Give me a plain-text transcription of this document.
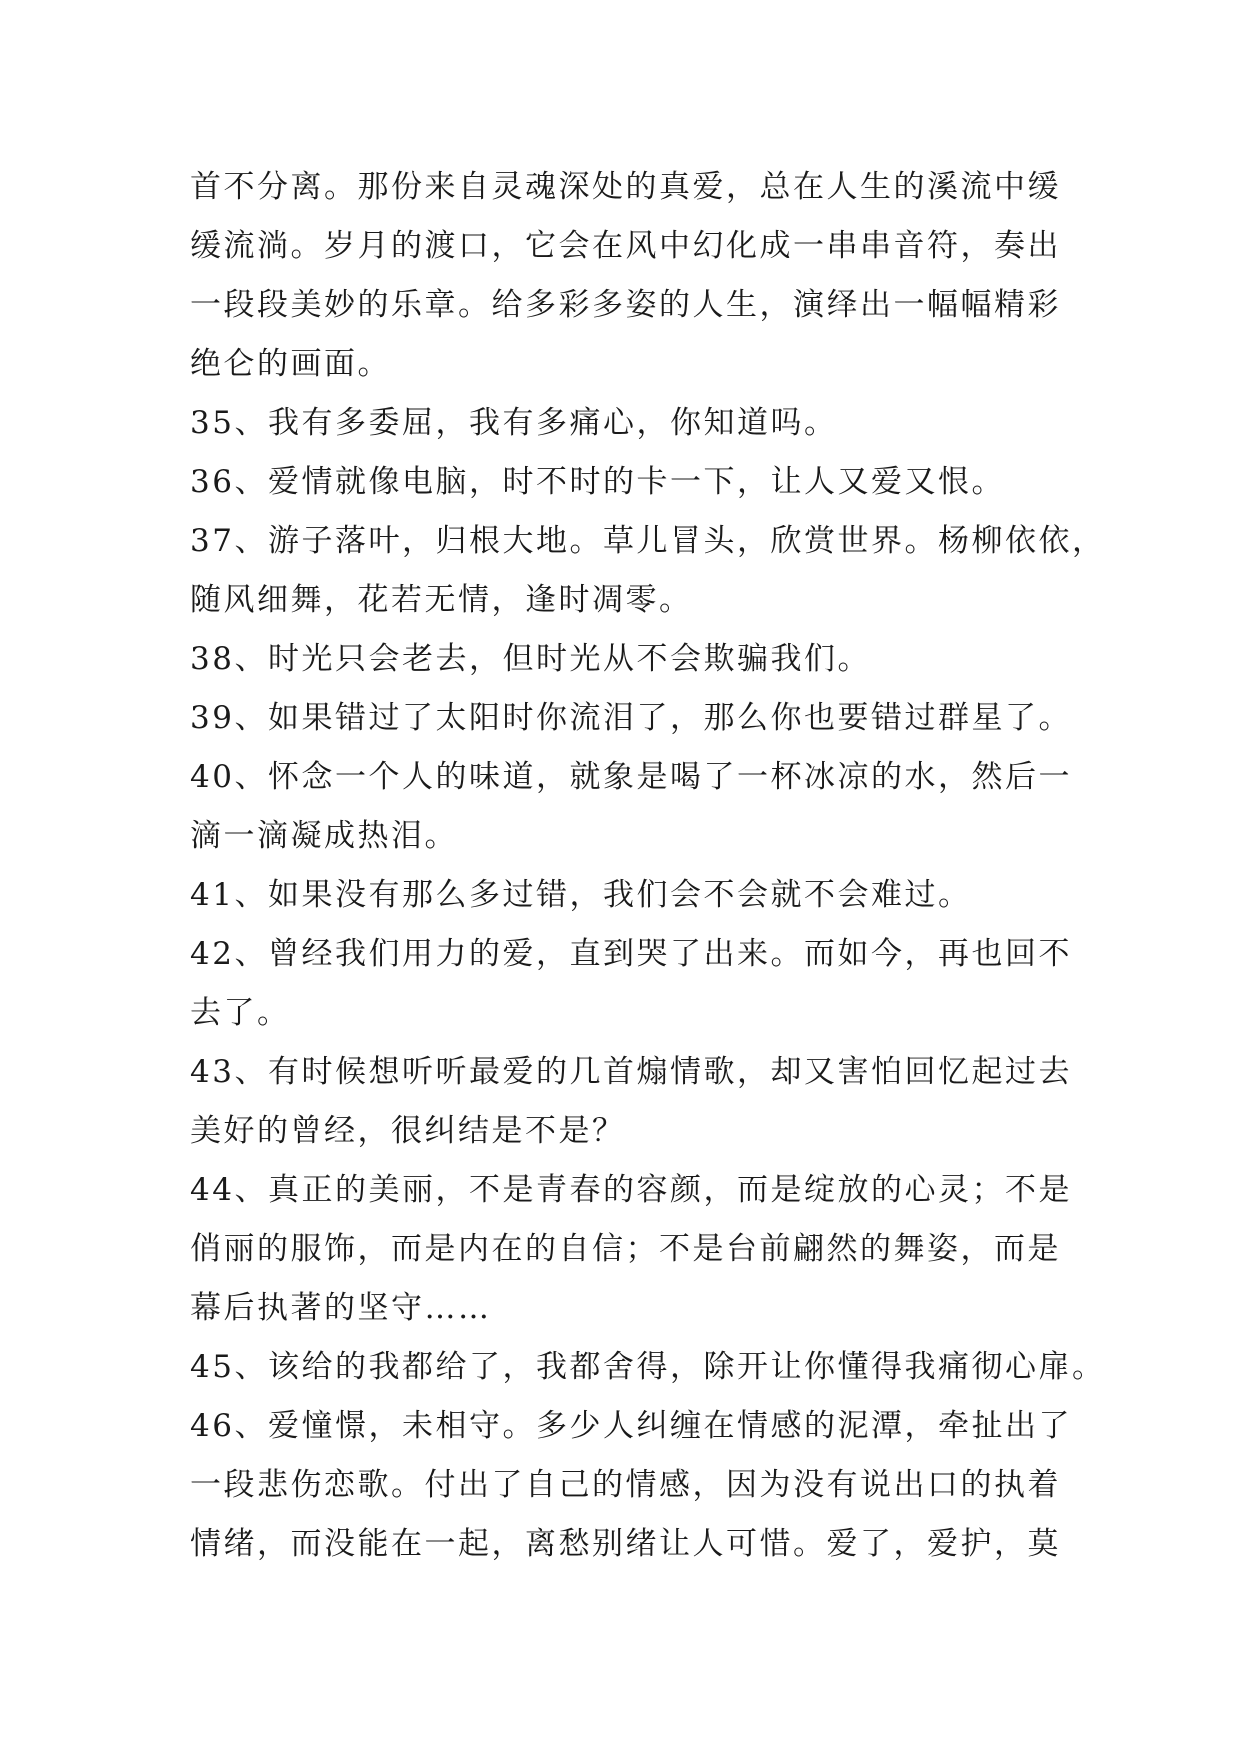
首不分离。那份来自灵魂深处的真爱，总在人生的溪流中缓
缓流淌。岁月的渡口，它会在风中幻化成一串串音符，奏出
一段段美妙的乐章。给多彩多姿的人生，演绎出一幅幅精彩
绝仑的画面。
35、我有多委屈，我有多痛心，你知道吗。
36、爱情就像电脑，时不时的卡一下，让人又爱又恨。
37、游子落叶，归根大地。草儿冒头，欣赏世界。杨柳依依，
随风细舞，花若无情，逢时凋零。
38、时光只会老去，但时光从不会欺骗我们。
39、如果错过了太阳时你流泪了，那么你也要错过群星了。
40、怀念一个人的味道，就象是喝了一杯冰凉的水，然后一
滴一滴凝成热泪。
41、如果没有那么多过错，我们会不会就不会难过。
42、曾经我们用力的爱，直到哭了出来。而如今，再也回不
去了。
43、有时候想听听最爱的几首煽情歌，却又害怕回忆起过去
美好的曾经，很纠结是不是？
44、真正的美丽，不是青春的容颜，而是绽放的心灵；不是
俏丽的服饰，而是内在的自信；不是台前翩然的舞姿，而是
幕后执著的坚守……
45、该给的我都给了，我都舍得，除开让你懂得我痛彻心扉。
46、爱憧憬，未相守。多少人纠缠在情感的泥潭，牵扯出了
一段悲伤恋歌。付出了自己的情感，因为没有说出口的执着
情绪，而没能在一起，离愁别绪让人可惜。爱了，爱护，莫
